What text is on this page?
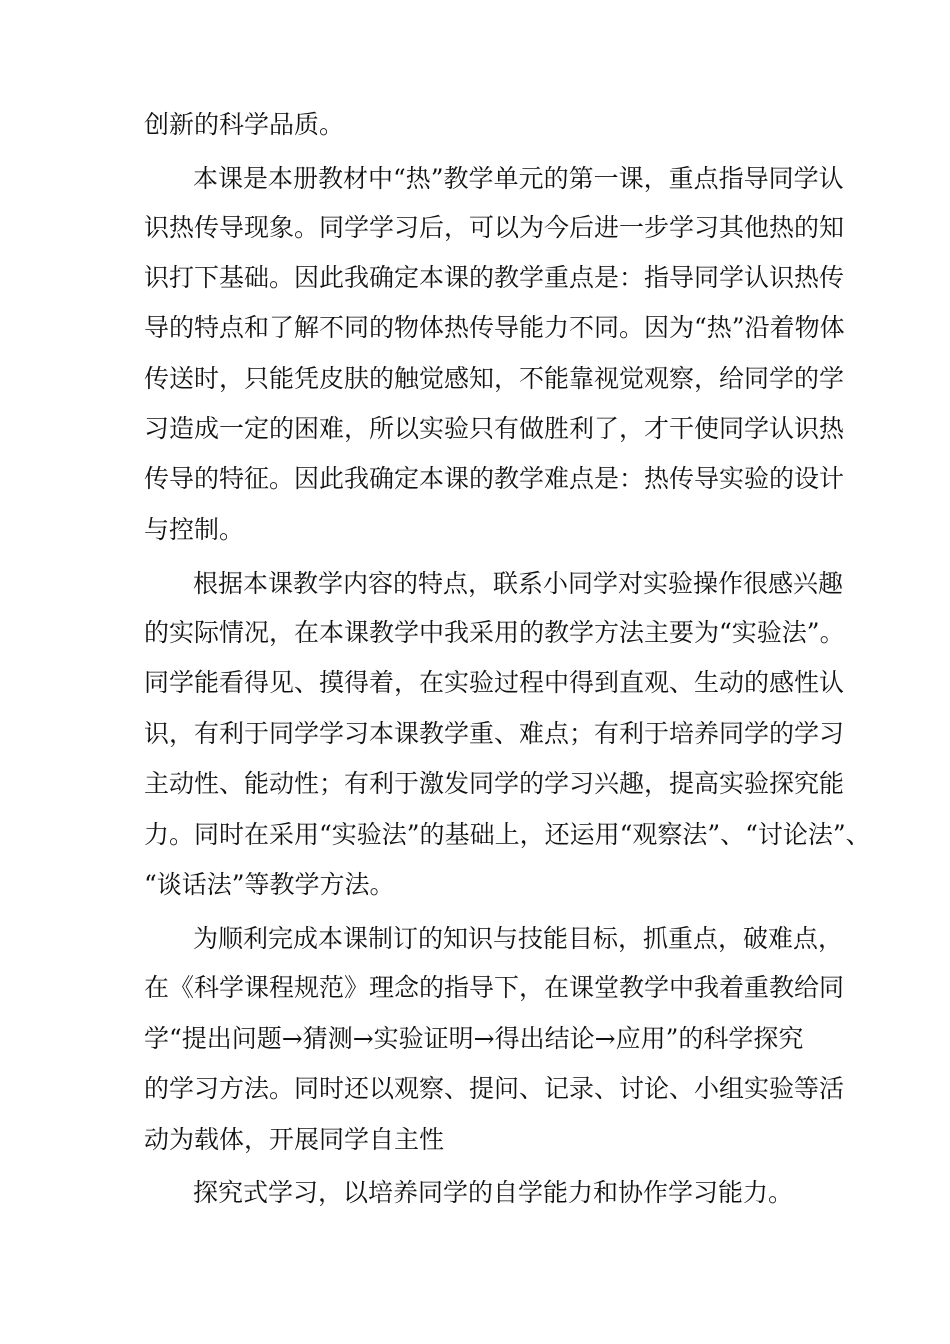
创新的科学品质。
本课是本册教材中“热”教学单元的第一课，重点指导同学认
识热传导现象。同学学习后，可以为今后进一步学习其他热的知
识打下基础。因此我确定本课的教学重点是：指导同学认识热传
导的特点和了解不同的物体热传导能力不同。因为“热”沿着物体
传送时，只能凭皮肤的触觉感知，不能靠视觉观察，给同学的学
习造成一定的困难，所以实验只有做胜利了，才干使同学认识热
传导的特征。因此我确定本课的教学难点是：热传导实验的设计
与控制。
根据本课教学内容的特点，联系小同学对实验操作很感兴趣
的实际情况，在本课教学中我采用的教学方法主要为“实验法”。
同学能看得见、摸得着，在实验过程中得到直观、生动的感性认
识，有利于同学学习本课教学重、难点；有利于培养同学的学习
主动性、能动性；有利于激发同学的学习兴趣，提高实验探究能
力。同时在采用“实验法”的基础上，还运用“观察法”、“讨论法”、
“谈话法”等教学方法。
为顺利完成本课制订的知识与技能目标，抓重点，破难点，
在《科学课程规范》理念的指导下，在课堂教学中我着重教给同
学“提出问题→猜测→实验证明→得出结论→应用”的科学探究
的学习方法。同时还以观察、提问、记录、讨论、小组实验等活
动为载体，开展同学自主性
探究式学习，以培养同学的自学能力和协作学习能力。
